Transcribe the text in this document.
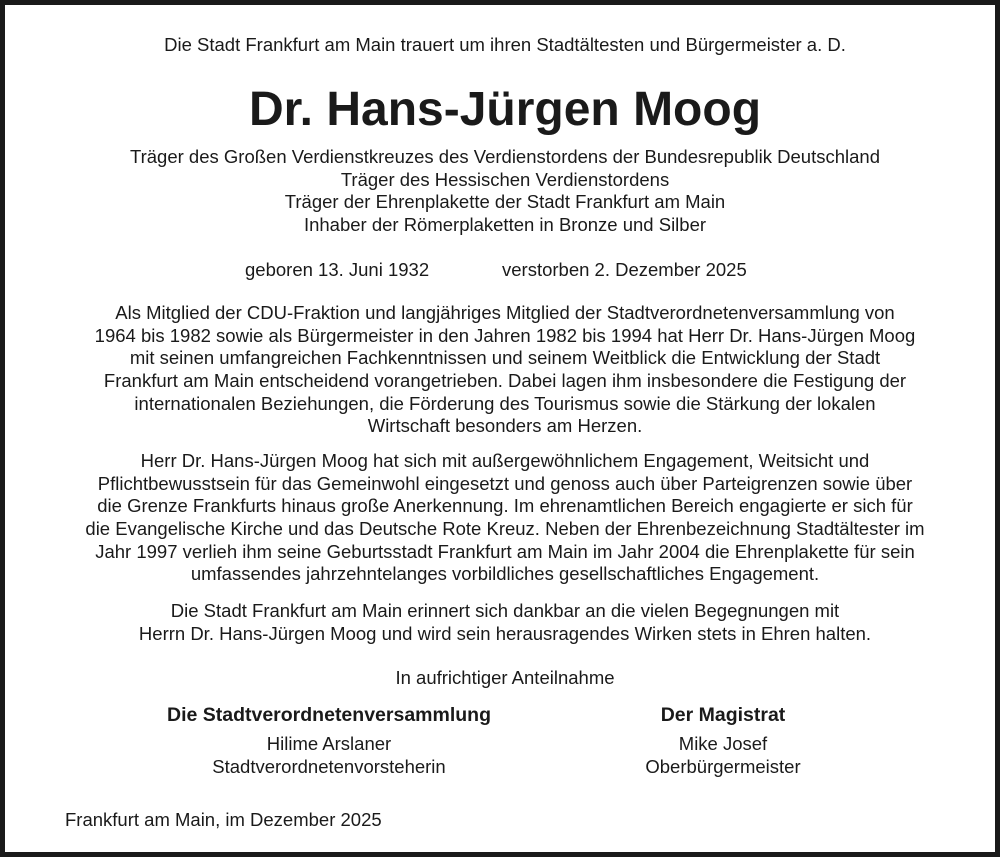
Die Stadt Frankfurt am Main trauert um ihren Stadtältesten und Bürgermeister a. D.
Dr. Hans-Jürgen Moog
Träger des Großen Verdienstkreuzes des Verdienstordens der Bundesrepublik Deutschland
Träger des Hessischen Verdienstordens
Träger der Ehrenplakette der Stadt Frankfurt am Main
Inhaber der Römerplaketten in Bronze und Silber
geboren 13. Juni 1932	verstorben 2. Dezember 2025
Als Mitglied der CDU-Fraktion und langjähriges Mitglied der Stadtverordnetenversammlung von
1964 bis 1982 sowie als Bürgermeister in den Jahren 1982 bis 1994 hat Herr Dr. Hans-Jürgen Moog
mit seinen umfangreichen Fachkenntnissen und seinem Weitblick die Entwicklung der Stadt
Frankfurt am Main entscheidend vorangetrieben. Dabei lagen ihm insbesondere die Festigung der
internationalen Beziehungen, die Förderung des Tourismus sowie die Stärkung der lokalen
Wirtschaft besonders am Herzen.
Herr Dr. Hans-Jürgen Moog hat sich mit außergewöhnlichem Engagement, Weitsicht und
Pflichtbewusstsein für das Gemeinwohl eingesetzt und genoss auch über Parteigrenzen sowie über
die Grenze Frankfurts hinaus große Anerkennung. Im ehrenamtlichen Bereich engagierte er sich für
die Evangelische Kirche und das Deutsche Rote Kreuz. Neben der Ehrenbezeichnung Stadtältester im
Jahr 1997 verlieh ihm seine Geburtsstadt Frankfurt am Main im Jahr 2004 die Ehrenplakette für sein
umfassendes jahrzehntelanges vorbildliches gesellschaftliches Engagement.
Die Stadt Frankfurt am Main erinnert sich dankbar an die vielen Begegnungen mit
Herrn Dr. Hans-Jürgen Moog und wird sein herausragendes Wirken stets in Ehren halten.
In aufrichtiger Anteilnahme
Die Stadtverordnetenversammlung
Hilime Arslaner
Stadtverordnetenvorsteherin
Der Magistrat
Mike Josef
Oberbürgermeister
Frankfurt am Main, im Dezember 2025
